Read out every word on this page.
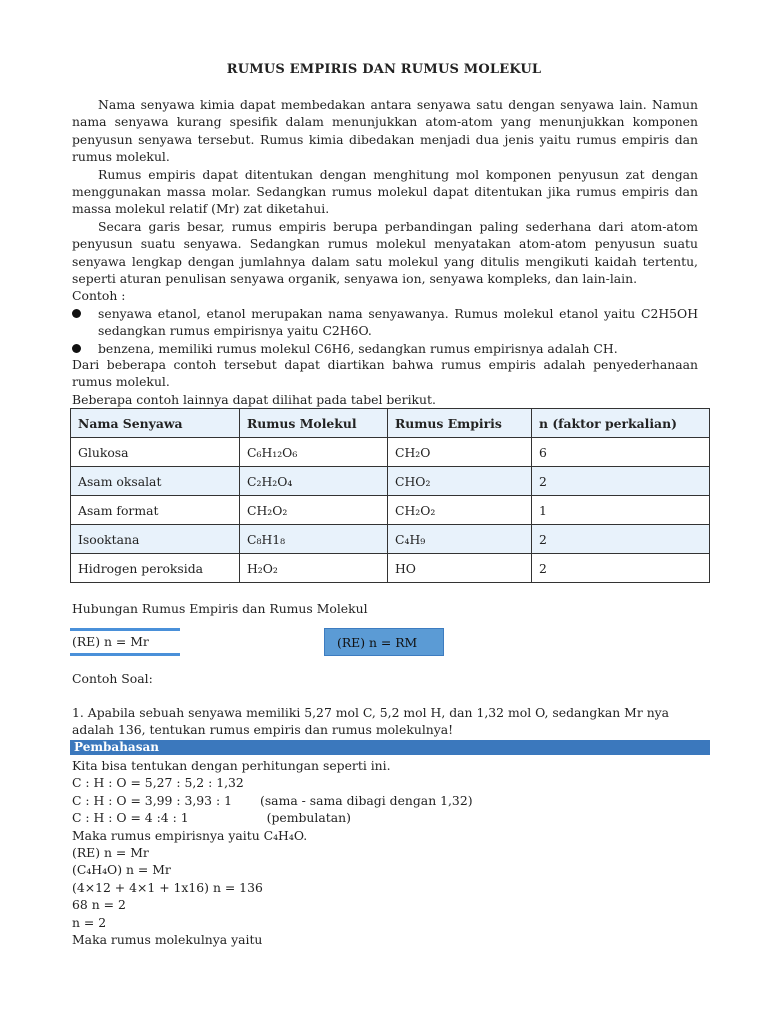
RUMUS EMPIRIS DAN RUMUS MOLEKUL

Nama senyawa kimia dapat membedakan antara senyawa satu dengan senyawa lain. Namun nama senyawa kurang spesifik dalam menunjukkan atom-atom yang menunjukkan komponen penyusun senyawa tersebut. Rumus kimia dibedakan menjadi dua jenis yaitu rumus empiris dan rumus molekul.

Rumus empiris dapat ditentukan dengan menghitung mol komponen penyusun zat dengan menggunakan massa molar. Sedangkan rumus molekul dapat ditentukan jika rumus empiris dan massa molekul relatif (Mr) zat diketahui.

Secara garis besar, rumus empiris berupa perbandingan paling sederhana dari atom-atom penyusun suatu senyawa. Sedangkan rumus molekul menyatakan atom-atom penyusun suatu senyawa lengkap dengan jumlahnya dalam satu molekul yang ditulis mengikuti kaidah tertentu, seperti aturan penulisan senyawa organik, senyawa ion, senyawa kompleks, dan lain-lain.

Contoh :

senyawa etanol, etanol merupakan nama senyawanya. Rumus molekul etanol yaitu C2H5OH sedangkan rumus empirisnya yaitu C2H6O.
benzena, memiliki rumus molekul C6H6, sedangkan rumus empirisnya adalah CH.

Dari beberapa contoh tersebut dapat diartikan bahwa rumus empiris adalah penyederhanaan rumus molekul.

Beberapa contoh lainnya dapat dilihat pada tabel berikut.

Nama Senyawa	Rumus Molekul	Rumus Empiris	n (faktor perkalian)
Glukosa	C₆H₁₂O₆	CH₂O	6
Asam oksalat	C₂H₂O₄	CHO₂	2
Asam format	CH₂O₂	CH₂O₂	1
Isooktana	C₈H1₈	C₄H₉	2
Hidrogen peroksida	H₂O₂	HO	2
Hubungan Rumus Empiris dan Rumus Molekul
(RE) n = Mr	(RE) n = RM
Contoh Soal:
1. Apabila sebuah senyawa memiliki 5,27 mol C, 5,2 mol H, dan 1,32 mol O, sedangkan Mr nya adalah 136, tentukan rumus empiris dan rumus molekulnya!
Pembahasan

Kita bisa tentukan dengan perhitungan seperti ini.

C : H : O = 5,27 : 5,2 : 1,32

C : H : O = 3,99 : 3,93 : 1 (sama - sama dibagi dengan 1,32)

C : H : O = 4 :4 : 1	(pembulatan)

Maka rumus empirisnya yaitu C₄H₄O.

(RE) n = Mr

(C₄H₄O) n = Mr

(4×12 + 4×1 + 1x16) n = 136

68 n = 2

n = 2

Maka rumus molekulnya yaitu
